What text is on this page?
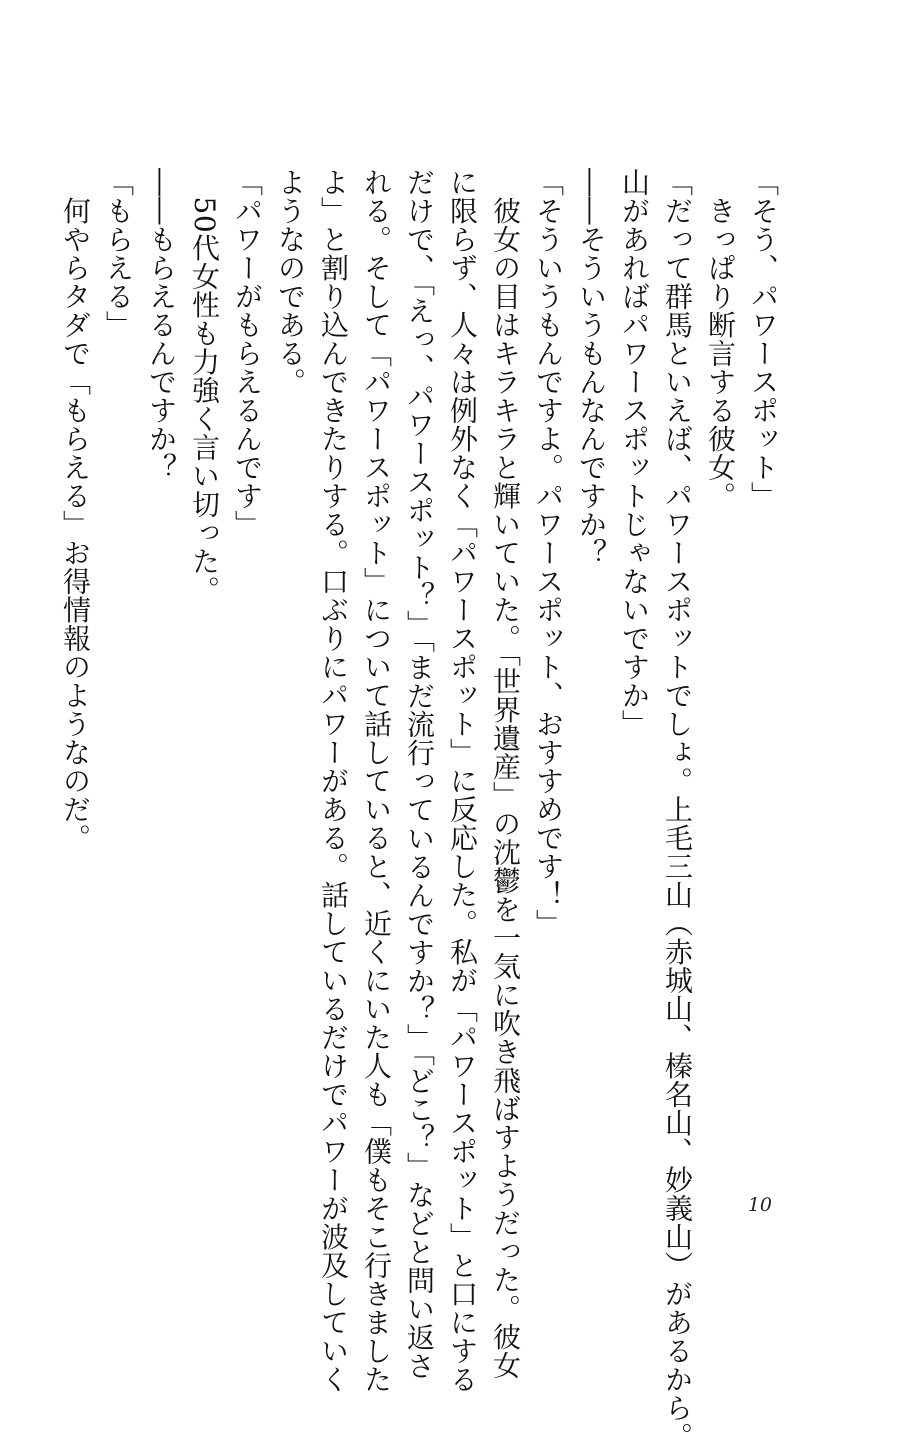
「そう、パワースポット」
　きっぱり断言する彼女。
「だって群馬といえば、パワースポットでしょ。上毛三山（赤城山、榛名山、妙義山）があるから。
山があればパワースポットじゃないですか」
――そういうもんなんですか？
「そういうもんですよ。パワースポット、おすすめです！」
　彼女の目はキラキラと輝いていた。「世界遺産」の沈鬱を一気に吹き飛ばすようだった。彼女
に限らず、人々は例外なく「パワースポット」に反応した。私が「パワースポット」と口にする
だけで、「えっ、パワースポット？」「まだ流行っているんですか？」「どこ？」などと問い返さ
れる。そして「パワースポット」について話していると、近くにいた人も「僕もそこ行きました
よ」と割り込んできたりする。口ぶりにパワーがある。話しているだけでパワーが波及していく
ようなのである。
「パワーがもらえるんです」
　50代女性も力強く言い切った。
――もらえるんですか？
「もらえる」
　何やらタダで「もらえる」お得情報のようなのだ。
10
